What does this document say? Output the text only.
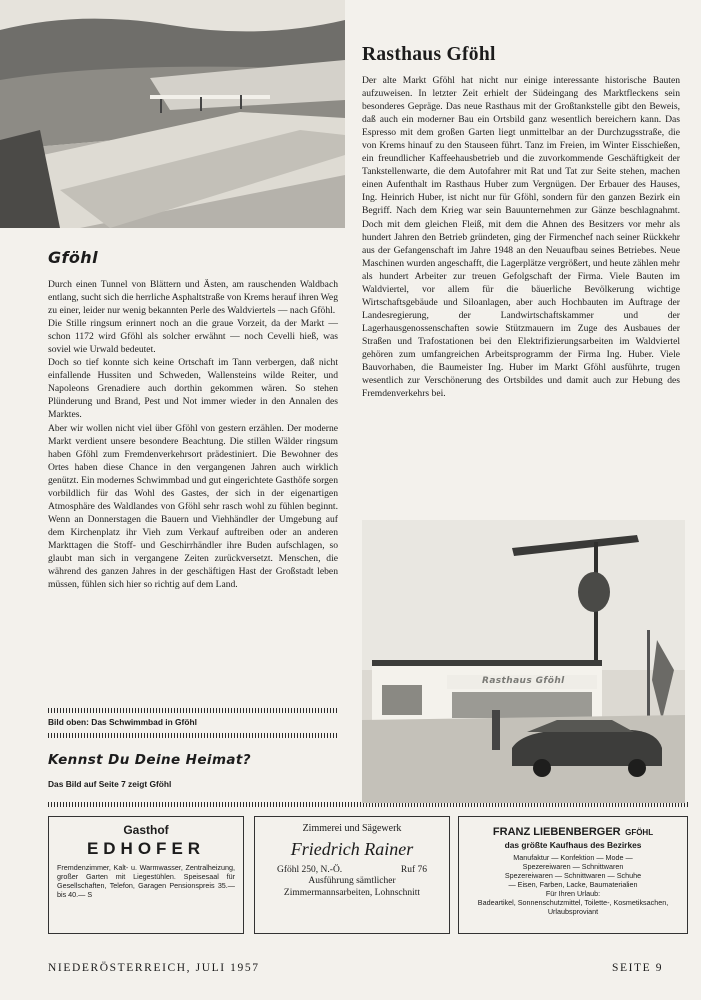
Rasthaus Gföhl
Der alte Markt Gföhl hat nicht nur einige interessante historische Bauten aufzuweisen. In letzter Zeit erhielt der Südeingang des Marktfleckens sein besonderes Gepräge. Das neue Rasthaus mit der Großtankstelle gibt den Beweis, daß auch ein moderner Bau ein Ortsbild ganz wesentlich bereichern kann. Das Espresso mit dem großen Garten liegt unmittelbar an der Durchzugsstraße, die von Krems hinauf zu den Stauseen führt. Tanz im Freien, im Winter Eisschießen, ein freundlicher Kaffeehausbetrieb und die zuvorkommende Geschäftigkeit der Tankstellenwarte, die dem Autofahrer mit Rat und Tat zur Seite stehen, machen einen Aufenthalt im Rasthaus Huber zum Vergnügen. Der Erbauer des Hauses, Ing. Heinrich Huber, ist nicht nur für Gföhl, sondern für den ganzen Bezirk ein Begriff. Nach dem Krieg war sein Bauunternehmen zur Gänze beschlagnahmt. Doch mit dem gleichen Fleiß, mit dem die Ahnen des Besitzers vor mehr als hundert Jahren den Betrieb gründeten, ging der Firmenchef nach seiner Rückkehr aus der Gefangenschaft im Jahre 1948 an den Neuaufbau seines Betriebes. Neue Maschinen wurden angeschafft, die Lagerplätze vergrößert, und heute zählen mehr als hundert Arbeiter zur treuen Gefolgschaft der Firma. Viele Bauten im Waldviertel, vor allem für die bäuerliche Bevölkerung wichtige Wirtschaftsgebäude und Siloanlagen, aber auch Hochbauten im Auftrage der Landesregierung, der Landwirtschaftskammer und der Lagerhausgenossenschaften sowie Stützmauern im Zuge des Ausbaues der Straßen und Trafostationen bei den Elektrifizierungsarbeiten im Waldviertel gehören zum umfangreichen Arbeitsprogramm der Firma Ing. Huber. Viele Bauvorhaben, die Baumeister Ing. Huber im Markt Gföhl ausführte, trugen wesentlich zur Verschönerung des Ortsbildes und damit auch zur Hebung des Fremdenverkehrs bei.
Gföhl

Durch einen Tunnel von Blättern und Ästen, am rauschenden Waldbach entlang, sucht sich die herrliche Asphaltstraße von Krems herauf ihren Weg zu einer, leider nur wenig bekannten Perle des Waldviertels — nach Gföhl.

Die Stille ringsum erinnert noch an die graue Vorzeit, da der Markt — schon 1172 wird Gföhl als solcher erwähnt — noch Cevelli hieß, was soviel wie Urwald bedeutet.

Doch so tief konnte sich keine Ortschaft im Tann verbergen, daß nicht einfallende Hussiten und Schweden, Wallensteins wilde Reiter, und Napoleons Grenadiere auch dorthin gekommen wären. So stehen Plünderung und Brand, Pest und Not immer wieder in den Annalen des Marktes.

Aber wir wollen nicht viel über Gföhl von gestern erzählen. Der moderne Markt verdient unsere besondere Beachtung. Die stillen Wälder ringsum haben Gföhl zum Fremdenverkehrsort prädestiniert. Die Bewohner des Ortes haben diese Chance in den vergangenen Jahren auch wirklich genützt. Ein modernes Schwimmbad und gut eingerichtete Gasthöfe sorgen vorbildlich für das Wohl des Gastes, der sich in der eigenartigen Atmosphäre des Waldlandes von Gföhl sehr rasch wohl zu fühlen beginnt. Wenn an Donnerstagen die Bauern und Viehhändler der Umgebung auf dem Kirchenplatz ihr Vieh zum Verkauf auftreiben oder an anderen Markttagen die Stoff- und Geschirrhändler ihre Buden aufschlagen, so glaubt man sich in vergangene Zeiten zurückversetzt. Menschen, die während des ganzen Jahres in der geschäftigen Hast der Großstadt leben müssen, fühlen sich hier so richtig auf dem Land.

Bild oben: Das Schwimmbad in Gföhl
Kennst Du Deine Heimat?
Das Bild auf Seite 7 zeigt Gföhl
Rasthaus Gföhl
Gasthof
EDHOFER
Fremdenzimmer, Kalt- u. Warmwasser, Zentralheizung, großer Garten mit Liegestühlen. Speisesaal für Gesellschaften, Telefon, Garagen Pensionspreis 35.— bis 40.— S
Zimmerei und Sägewerk
Friedrich Rainer
Gföhl 250, N.-Ö.	Ruf 76
Ausführung sämtlicher Zimmermannsarbeiten, Lohnschnitt
FRANZ LIEBENBERGER GFÖHL
das größte Kaufhaus des Bezirkes
Manufaktur — Konfektion — Mode —
Spezereiwaren — Schnittwaren
Spezereiwaren — Schnittwaren — Schuhe
— Eisen, Farben, Lacke, Baumaterialien
Für Ihren Urlaub:
Badeartikel, Sonnenschutzmittel, Toilette-, Kosmetiksachen, Urlaubsproviant
NIEDERÖSTERREICH, JULI 1957	SEITE 9
